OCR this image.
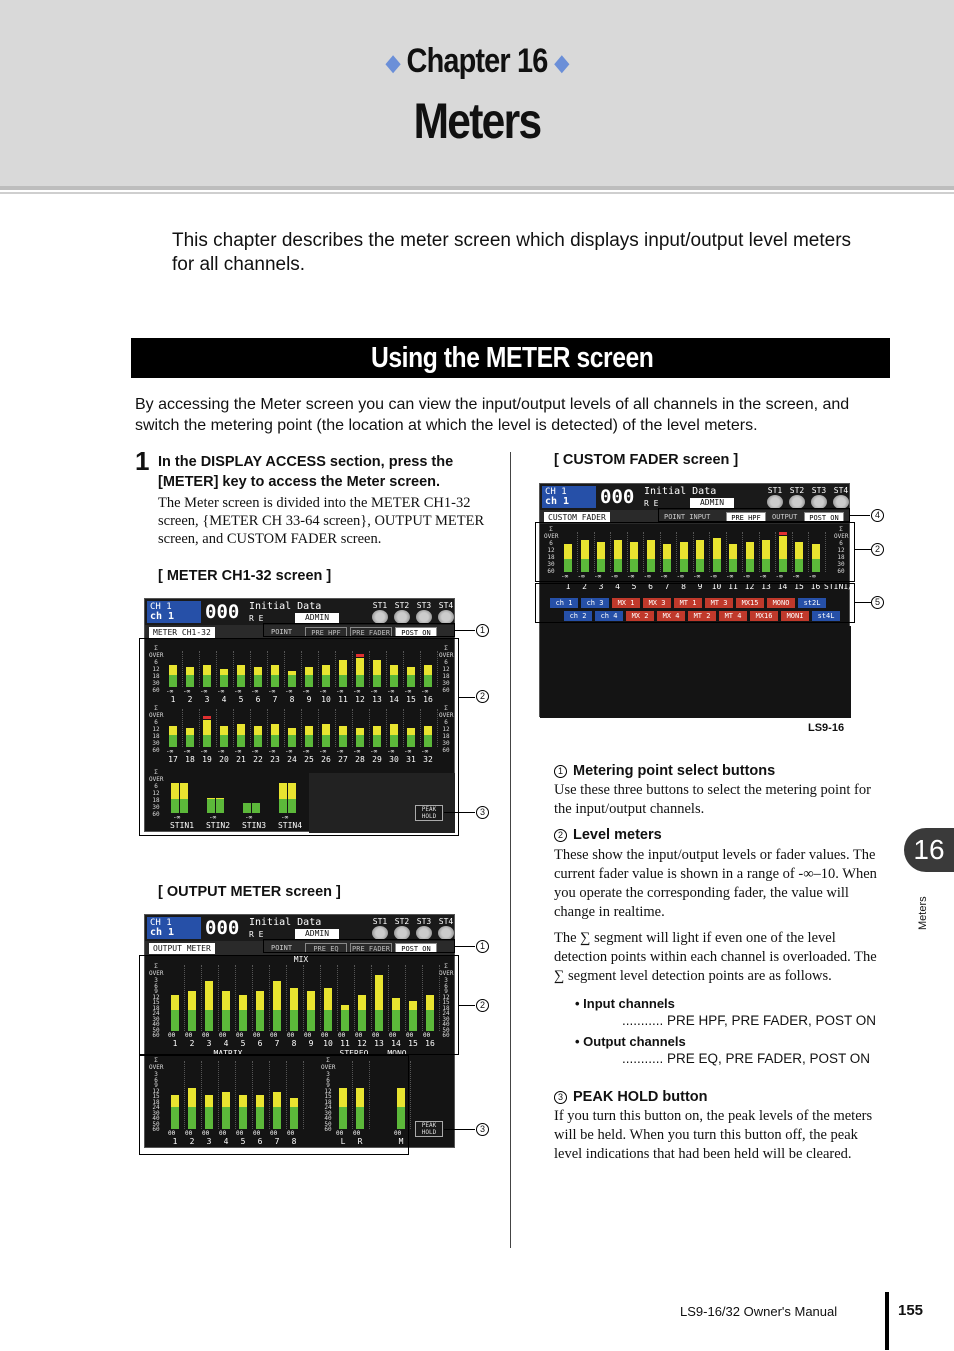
◆ Chapter 16 ◆
Meters
This chapter describes the meter screen which displays input/output level meters for all channels.
Using the METER screen
By accessing the Meter screen you can view the input/output levels of all channels in the screen, and switch the metering point (the location at which the level is detected) of the level meters.
1 In the DISPLAY ACCESS section, press the [METER] key to access the Meter screen.
The Meter screen is divided into the METER CH1-32 screen, {METER CH 33-64 screen}, OUTPUT METER screen, and CUSTOM FADER screen.
[ METER CH1-32 screen ]
[ OUTPUT METER screen ]
[ CUSTOM FADER screen ]
CH 1
ch 1	000 Initial Data
R E	ADMIN
ST1 ST2 ST3 ST4
METER CH1-32	POINT	PRE HPF	PRE FADER	POST ON
Σ
OVER
6
12
18
30
60
Σ
OVER
6
12
18
30
60
-∞
1
-∞
2
-∞
3
-∞
4
-∞
5
-∞
6
-∞
7
-∞
8
-∞
9
-∞
10
-∞
11
-∞
12
-∞
13
-∞
14
-∞
15
-∞
16
Σ
OVER
6
12
18
30
60
Σ
OVER
6
12
18
30
60
-∞
17
-∞
18
-∞
19
-∞
20
-∞
21
-∞
22
-∞
23
-∞
24
-∞
25
-∞
26
-∞
27
-∞
28
-∞
29
-∞
30
-∞
31
-∞
32
Σ
OVER
6
12
18
30
60	-∞
STIN1
-∞
STIN2
-∞
STIN3
-∞
STIN4
PEAK HOLD
CH 1
ch 1	000 Initial Data
R E	ADMIN
ST1 ST2 ST3 ST4
OUTPUT METER	POINT	PRE EQ	PRE FADER	POST ON
MIX
Σ
OVER
3
6
9
12
15
18
24
30
40
50
60
Σ
OVER
3
6
9
12
15
18
24
30
40
50
60
00
1
00
2
00
3
00
4
00
5
00
6
00
7
00
8
00
9
00
10
00
11
00
12
00
13
00
14
00
15
00
16
MATRIX	STEREO	MONO
Σ
OVER
3
6
9
12
15
18
24
30
40
50
60
Σ
OVER
3
6
9
12
15
18
24
30
40
50
60
00
1
00
2
00
3
00
4
00
5
00
6
00
7
00
8
00
L
00
R
00
M
PEAK HOLD
CH 1
ch 1	000 Initial Data
R E	ADMIN
ST1 ST2 ST3 ST4
CUSTOM FADER	POINT INPUT	PRE HPF	OUTPUT	POST ON
Σ
OVER
6
12
18
30
60
Σ
OVER
6
12
18
30
60
-∞ -∞ -∞ -∞ -∞ -∞ -∞ -∞ -∞ -∞ -∞ -∞ -∞ -∞ -∞ -∞
1	2	3	4	5	6	7	8	9	10 11 12 13 14 15 16 STIN1/2
ch 1	ch 3	MX 1	MX 3	MT 1	MT 3	MX15	MONO	st2L
ch 2	ch 4	MX 2	MX 4	MT 2	MT 4	MX16	MONI	st4L
LS9-16
1
2
3
1
2
3
4
2
5
1 Metering point select buttons
Use these three buttons to select the metering point for the input/output channels.
2 Level meters
These show the input/output levels or fader values. The current fader value is shown in a range of -∞–10. When you operate the corresponding fader, the value will change in realtime.
The ∑ segment will light if even one of the level detection points within each channel is overloaded. The ∑ segment level detection points are as follows.
• Input channels
........... PRE HPF, PRE FADER, POST ON
• Output channels
........... PRE EQ, PRE FADER, POST ON
3 PEAK HOLD button
If you turn this button on, the peak levels of the meters will be held. When you turn this button off, the peak level indications that had been held will be cleared.
16
Meters
LS9-16/32 Owner's Manual	155
